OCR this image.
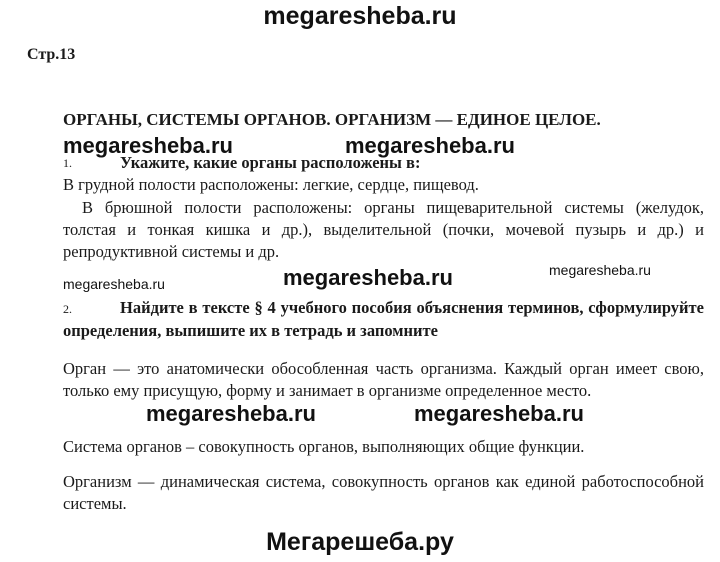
megaresheba.ru
Стр.13
ОРГАНЫ, СИСТЕМЫ ОРГАНОВ. ОРГАНИЗМ — ЕДИНОЕ ЦЕЛОЕ.
megaresheba.ru	megaresheba.ru
1.	Укажите, какие органы расположены в:
В грудной полости расположены: легкие, сердце, пищевод.
В брюшной полости расположены: органы пищеварительной системы (желудок, толстая и тонкая кишка и др.), выделительной (почки, мочевой пузырь и др.) и репродуктивной системы и др.
megaresheba.ru	megaresheba.ru	megaresheba.ru
2.	Найдите в тексте § 4 учебного пособия объяснения терминов, сформулируйте определения, выпишите их в тетрадь и запомните
Орган — это анатомически обособленная часть организма. Каждый орган имеет свою, только ему присущую, форму и занимает в организме определенное место.
megaresheba.ru	megaresheba.ru
Система органов – совокупность органов, выполняющих общие функции.
Организм — динамическая система, совокупность органов как единой работоспособной системы.
Мегарешеба.ру
